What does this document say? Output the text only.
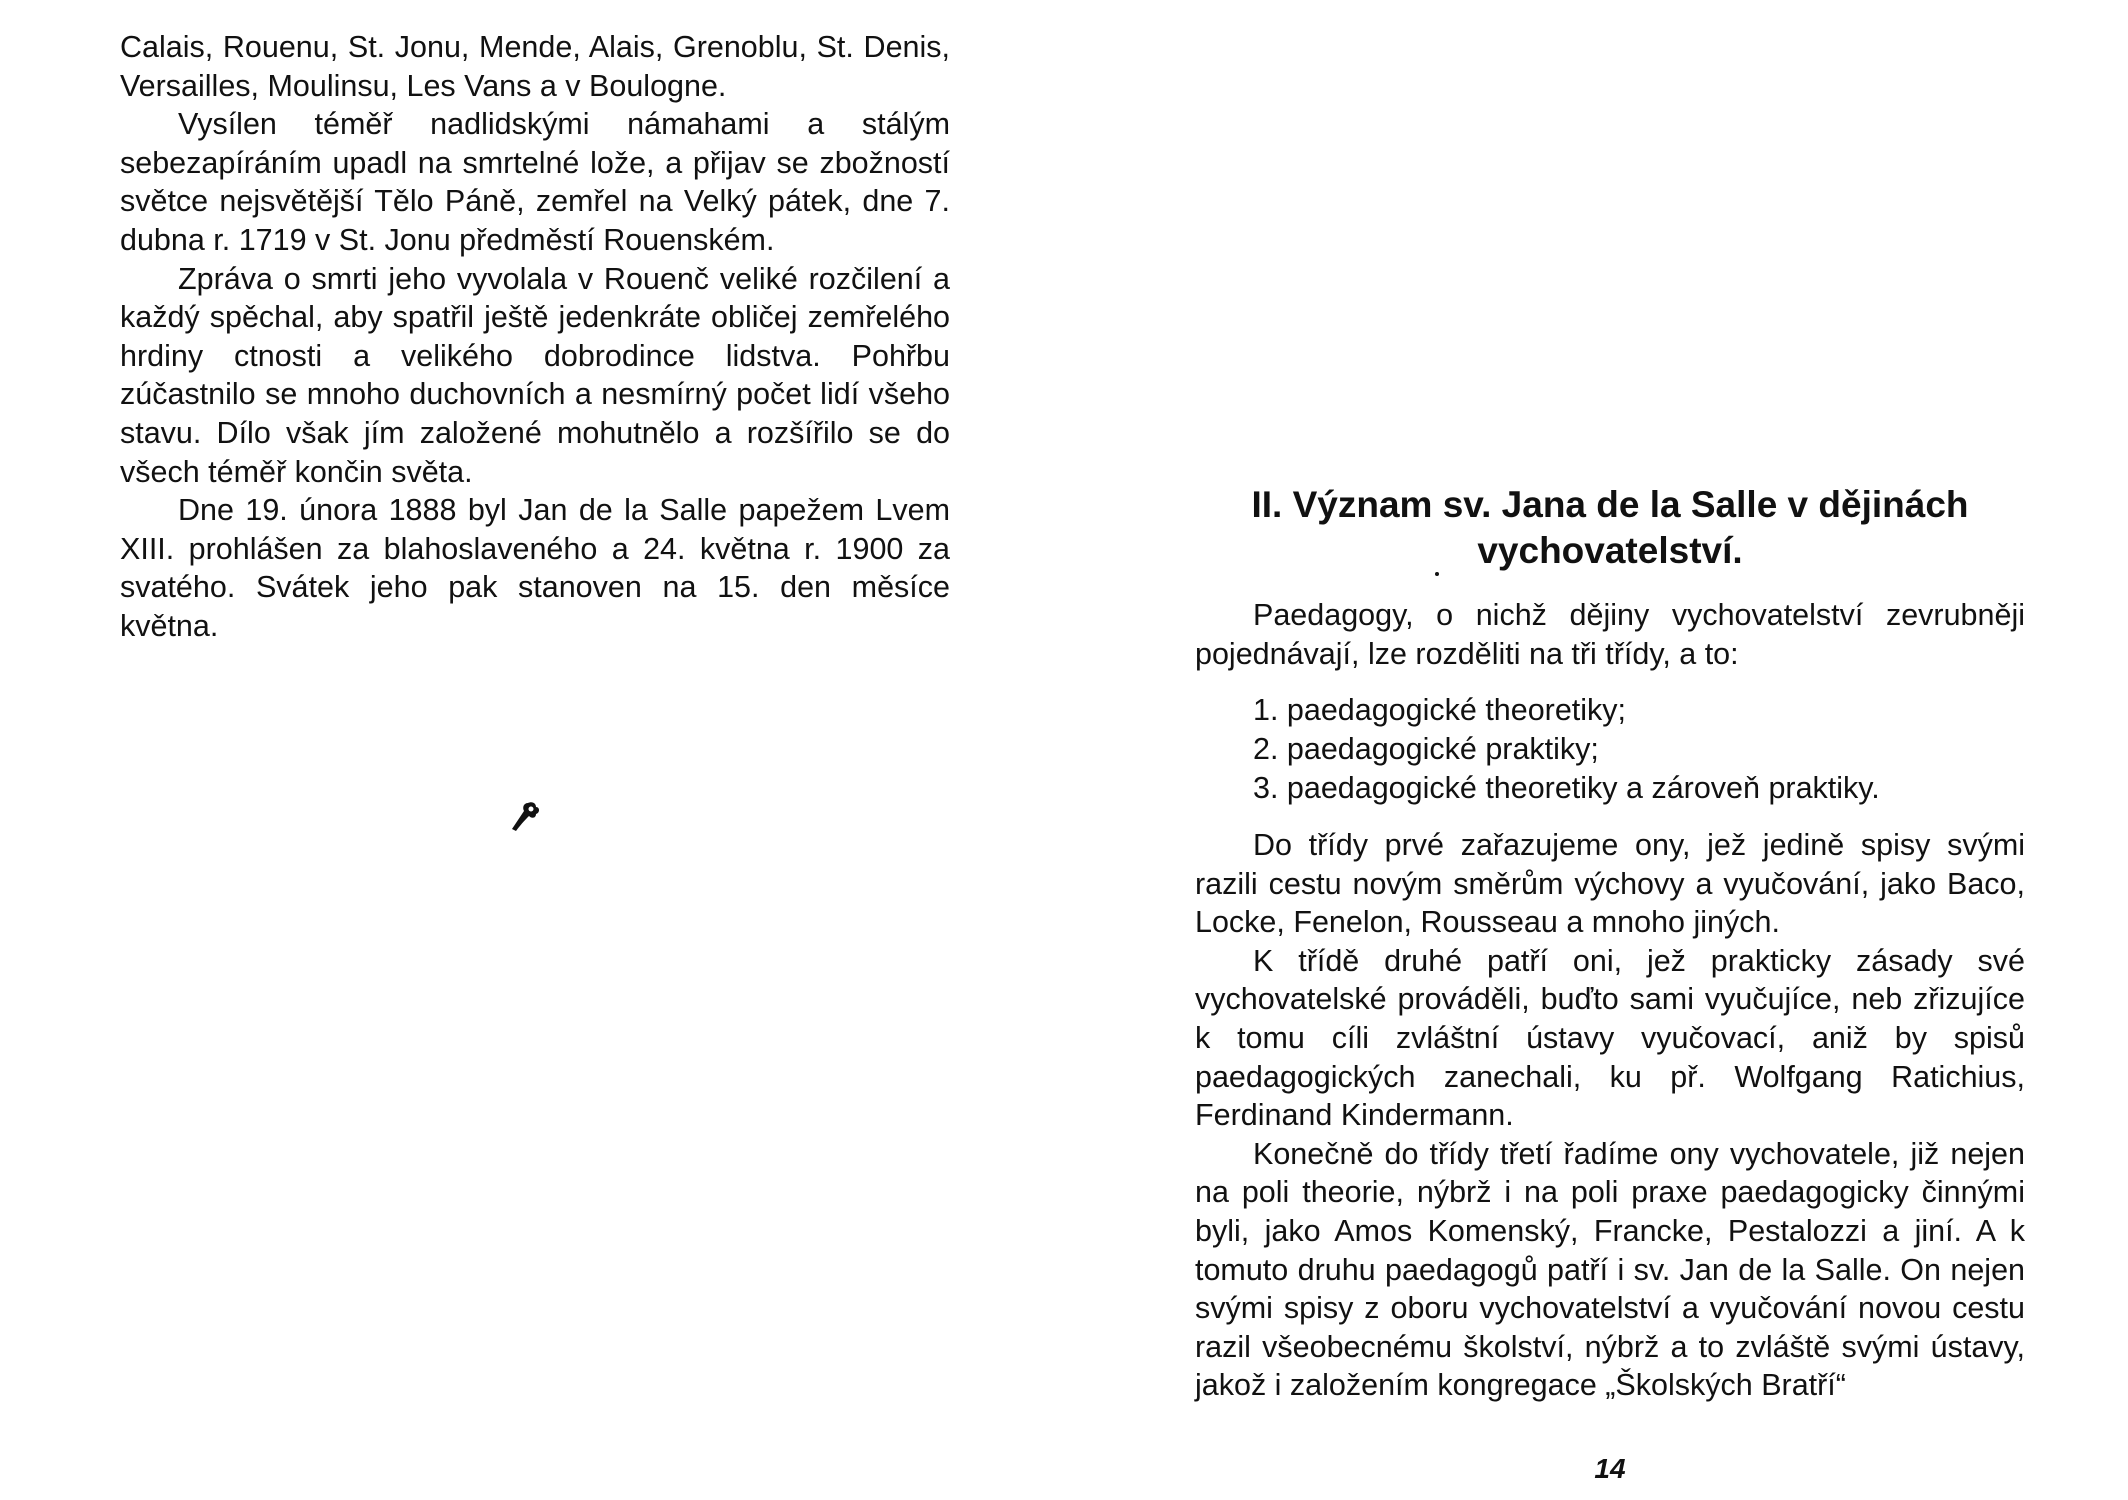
Calais, Rouenu, St. Jonu, Mende, Alais, Grenoblu, St. Denis, Versailles, Moulinsu, Les Vans a v Boulogne.

Vysílen téměř nadlidskými námahami a stálým sebezapíráním upadl na smrtelné lože, a přijav se zbožností světce nejsvětější Tělo Páně, zemřel na Velký pátek, dne 7. dubna r. 1719 v St. Jonu předměstí Rouenském.

Zpráva o smrti jeho vyvolala v Rouenč veliké rozčilení a každý spěchal, aby spatřil ještě jedenkráte obličej zemřelého hrdiny ctnosti a velikého dobrodince lidstva. Pohřbu zúčastnilo se mnoho duchovních a nesmírný počet lidí všeho stavu. Dílo však jím založené mohutnělo a rozšířilo se do všech téměř končin světa.

Dne 19. února 1888 byl Jan de la Salle papežem Lvem XIII. prohlášen za blahoslaveného a 24. května r. 1900 za svatého. Svátek jeho pak stanoven na 15. den měsíce května.

II. Význam sv. Jana de la Salle v dějinách vychovatelství.

Paedagogy, o nichž dějiny vychovatelství zevrubněji pojednávají, lze rozděliti na tři třídy, a to:

1. paedagogické theoretiky;
2. paedagogické praktiky;
3. paedagogické theoretiky a zároveň praktiky.

Do třídy prvé zařazujeme ony, jež jedině spisy svými razili cestu novým směrům výchovy a vyučování, jako Baco, Locke, Fenelon, Rousseau a mnoho jiných.

K třídě druhé patří oni, jež prakticky zásady své vychovatelské prováděli, buďto sami vyučujíce, neb zřizujíce k tomu cíli zvláštní ústavy vyučovací, aniž by spisů paedagogických zanechali, ku př. Wolfgang Ratichius, Ferdinand Kindermann.

Konečně do třídy třetí řadíme ony vychovatele, již nejen na poli theorie, nýbrž i na poli praxe paedagogicky činnými byli, jako Amos Komenský, Francke, Pestalozzi a jiní. A k tomuto druhu paedagogů patří i sv. Jan de la Salle. On nejen svými spisy z oboru vychovatelství a vyučování novou cestu razil všeobecnému školství, nýbrž a to zvláště svými ústavy, jakož i založením kongregace „Školských Bratří“

14
